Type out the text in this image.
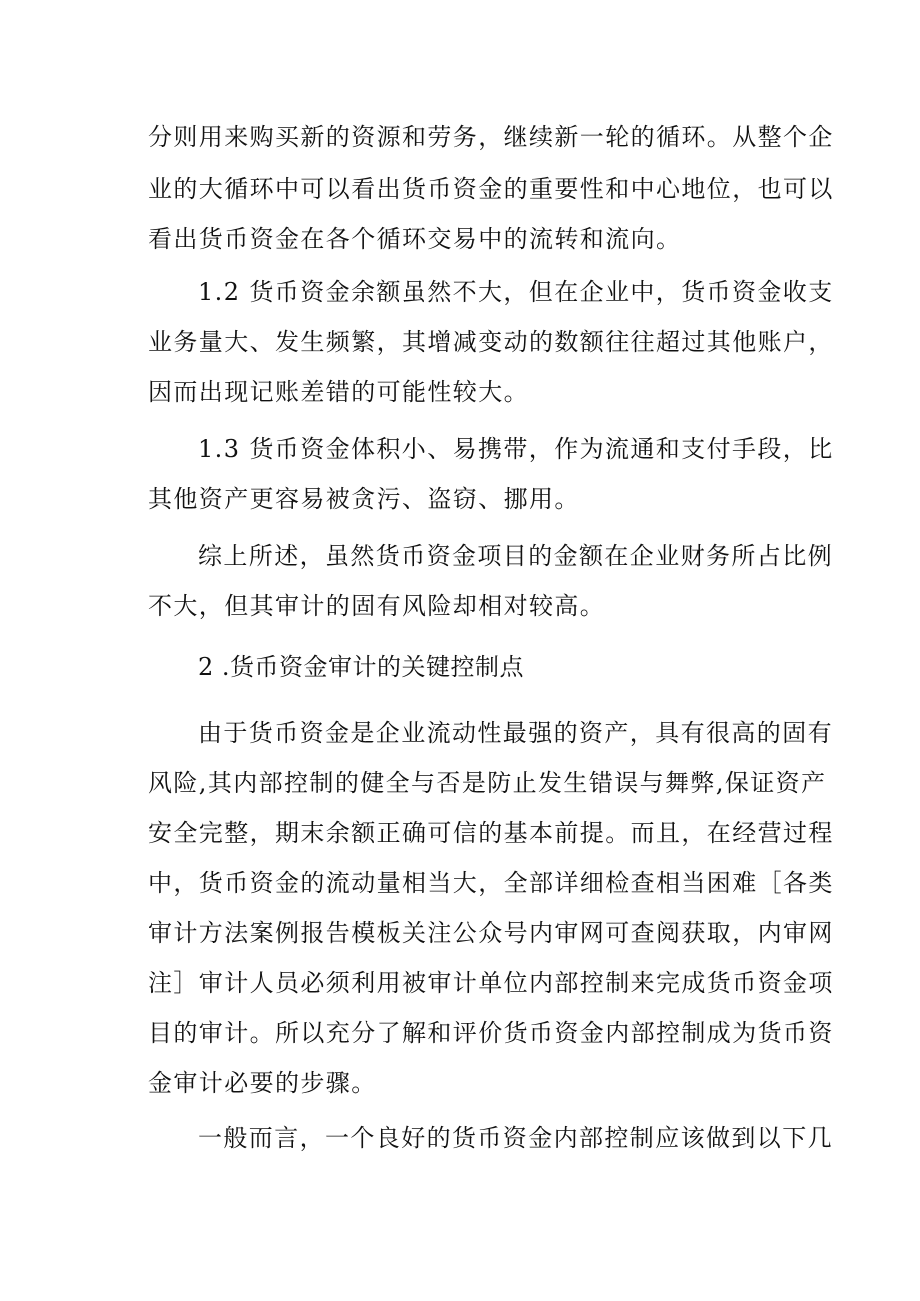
分则用来购买新的资源和劳务，继续新一轮的循环。从整个企
业的大循环中可以看出货币资金的重要性和中心地位，也可以
看出货币资金在各个循环交易中的流转和流向。
1.2 货币资金余额虽然不大，但在企业中，货币资金收支
业务量大、发生频繁，其增减变动的数额往往超过其他账户，
因而出现记账差错的可能性较大。
1.3 货币资金体积小、易携带，作为流通和支付手段，比
其他资产更容易被贪污、盗窃、挪用。
综上所述，虽然货币资金项目的金额在企业财务所占比例
不大，但其审计的固有风险却相对较高。
2 .货币资金审计的关键控制点
由于货币资金是企业流动性最强的资产，具有很高的固有
风险,其内部控制的健全与否是防止发生错误与舞弊,保证资产
安全完整，期末余额正确可信的基本前提。而且，在经营过程
中，货币资金的流动量相当大，全部详细检查相当困难［各类
审计方法案例报告模板关注公众号内审网可查阅获取，内审网
注］审计人员必须利用被审计单位内部控制来完成货币资金项
目的审计。所以充分了解和评价货币资金内部控制成为货币资
金审计必要的步骤。
一般而言，一个良好的货币资金内部控制应该做到以下几
